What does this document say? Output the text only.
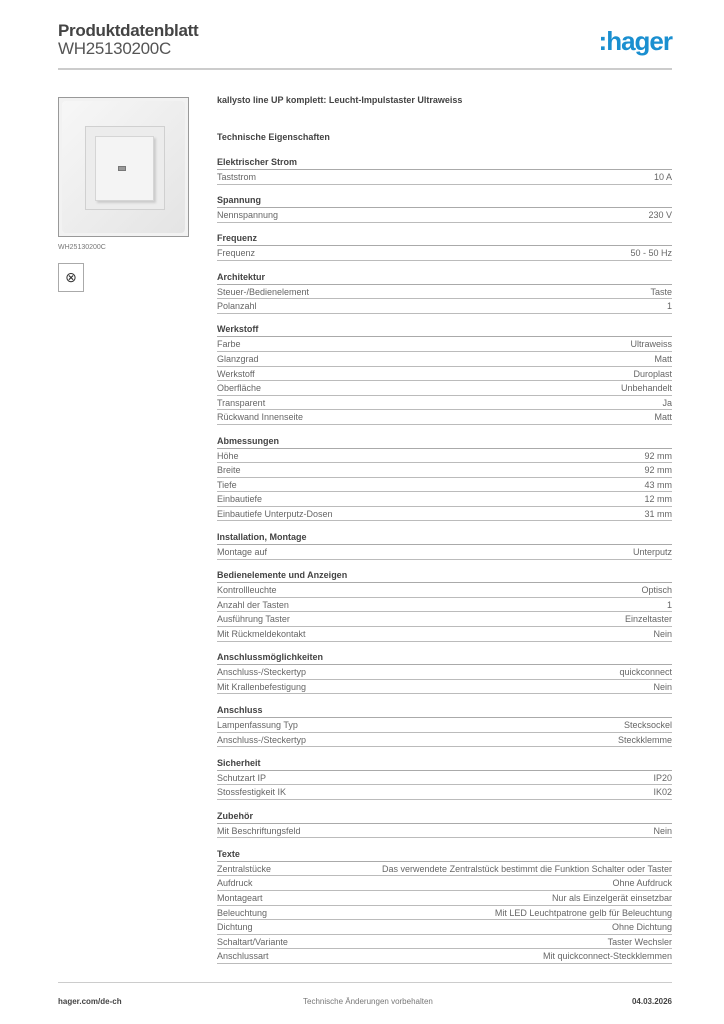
Produktdatenblatt
WH25130200C	:hager
WH25130200C
⊗
kallysto line UP komplett: Leucht-Impulstaster Ultraweiss
Technische Eigenschaften
Elektrischer Strom
Taststrom	10 A
Spannung
Nennspannung	230 V
Frequenz
Frequenz	50 - 50 Hz
Architektur
Steuer-/Bedienelement	Taste
Polanzahl	1
Werkstoff
Farbe	Ultraweiss
Glanzgrad	Matt
Werkstoff	Duroplast
Oberfläche	Unbehandelt
Transparent	Ja
Rückwand Innenseite	Matt
Abmessungen
Höhe	92 mm
Breite	92 mm
Tiefe	43 mm
Einbautiefe	12 mm
Einbautiefe Unterputz-Dosen	31 mm
Installation, Montage
Montage auf	Unterputz
Bedienelemente und Anzeigen
Kontrollleuchte	Optisch
Anzahl der Tasten	1
Ausführung Taster	Einzeltaster
Mit Rückmeldekontakt	Nein
Anschlussmöglichkeiten
Anschluss-/Steckertyp	quickconnect
Mit Krallenbefestigung	Nein
Anschluss
Lampenfassung Typ	Stecksockel
Anschluss-/Steckertyp	Steckklemme
Sicherheit
Schutzart IP	IP20
Stossfestigkeit IK	IK02
Zubehör
Mit Beschriftungsfeld	Nein
Texte
Zentralstücke	Das verwendete Zentralstück bestimmt die Funktion Schalter oder Taster
Aufdruck	Ohne Aufdruck
Montageart	Nur als Einzelgerät einsetzbar
Beleuchtung	Mit LED Leuchtpatrone gelb für Beleuchtung
Dichtung	Ohne Dichtung
Schaltart/Variante	Taster Wechsler
Anschlussart	Mit quickconnect-Steckklemmen
hager.com/de-ch	Technische Änderungen vorbehalten	04.03.2026
